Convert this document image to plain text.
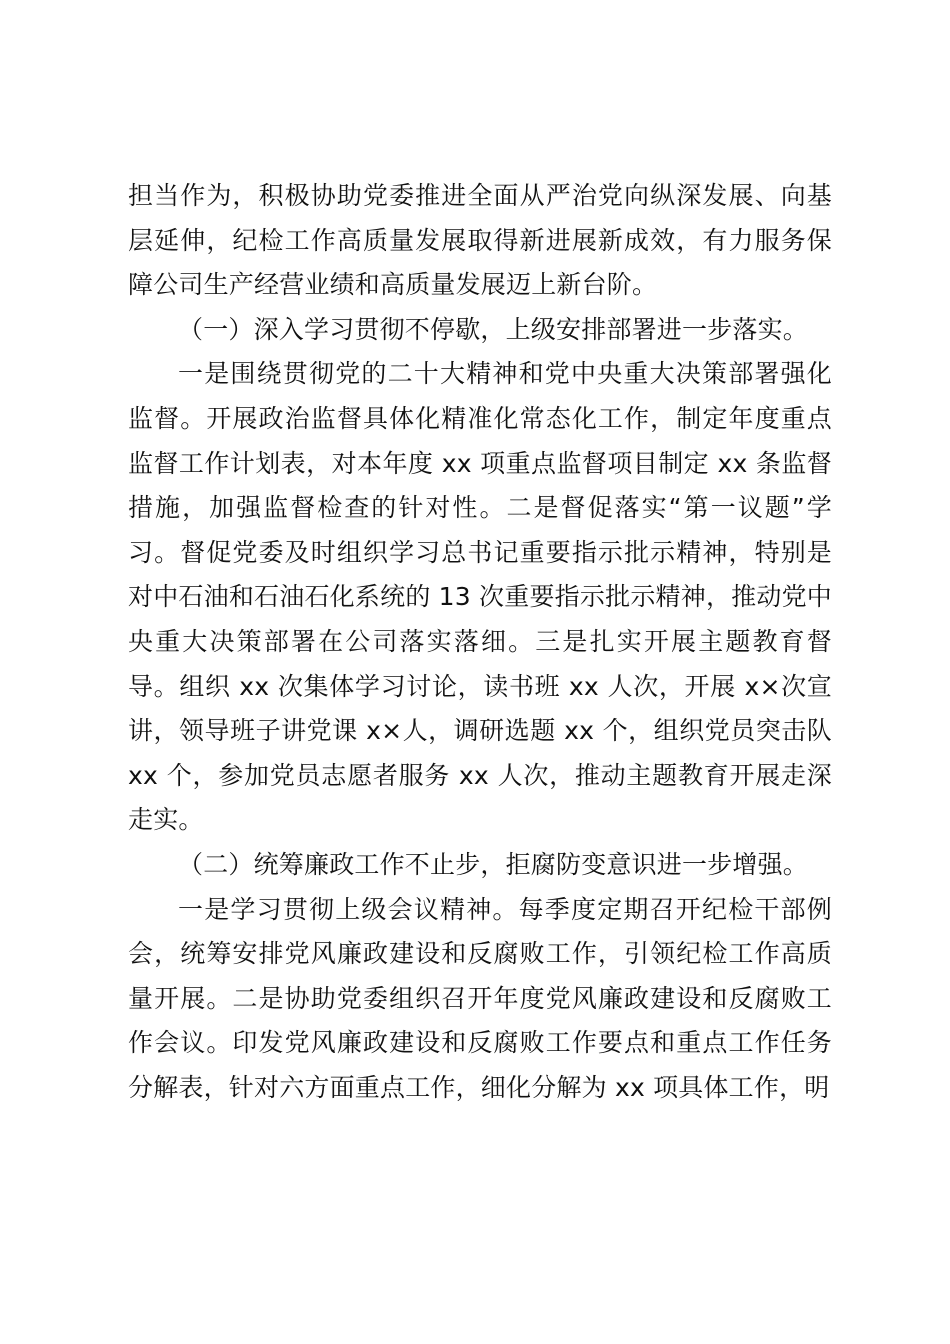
担当作为，积极协助党委推进全面从严治党向纵深发展、向基层延伸，纪检工作高质量发展取得新进展新成效，有力服务保障公司生产经营业绩和高质量发展迈上新台阶。

（一）深入学习贯彻不停歇，上级安排部署进一步落实。

一是围绕贯彻党的二十大精神和党中央重大决策部署强化监督。开展政治监督具体化精准化常态化工作，制定年度重点监督工作计划表，对本年度 xx 项重点监督项目制定 xx 条监督措施，加强监督检查的针对性。二是督促落实“第一议题”学习。督促党委及时组织学习总书记重要指示批示精神，特别是对中石油和石油石化系统的 13 次重要指示批示精神，推动党中央重大决策部署在公司落实落细。三是扎实开展主题教育督导。组织 xx 次集体学习讨论，读书班 xx 人次，开展 x×次宣讲，领导班子讲党课 x×人，调研选题 xx 个，组织党员突击队 xx 个，参加党员志愿者服务 xx 人次，推动主题教育开展走深走实。

（二）统筹廉政工作不止步，拒腐防变意识进一步增强。

一是学习贯彻上级会议精神。每季度定期召开纪检干部例会，统筹安排党风廉政建设和反腐败工作，引领纪检工作高质量开展。二是协助党委组织召开年度党风廉政建设和反腐败工作会议。印发党风廉政建设和反腐败工作要点和重点工作任务分解表，针对六方面重点工作，细化分解为 xx 项具体工作，明
